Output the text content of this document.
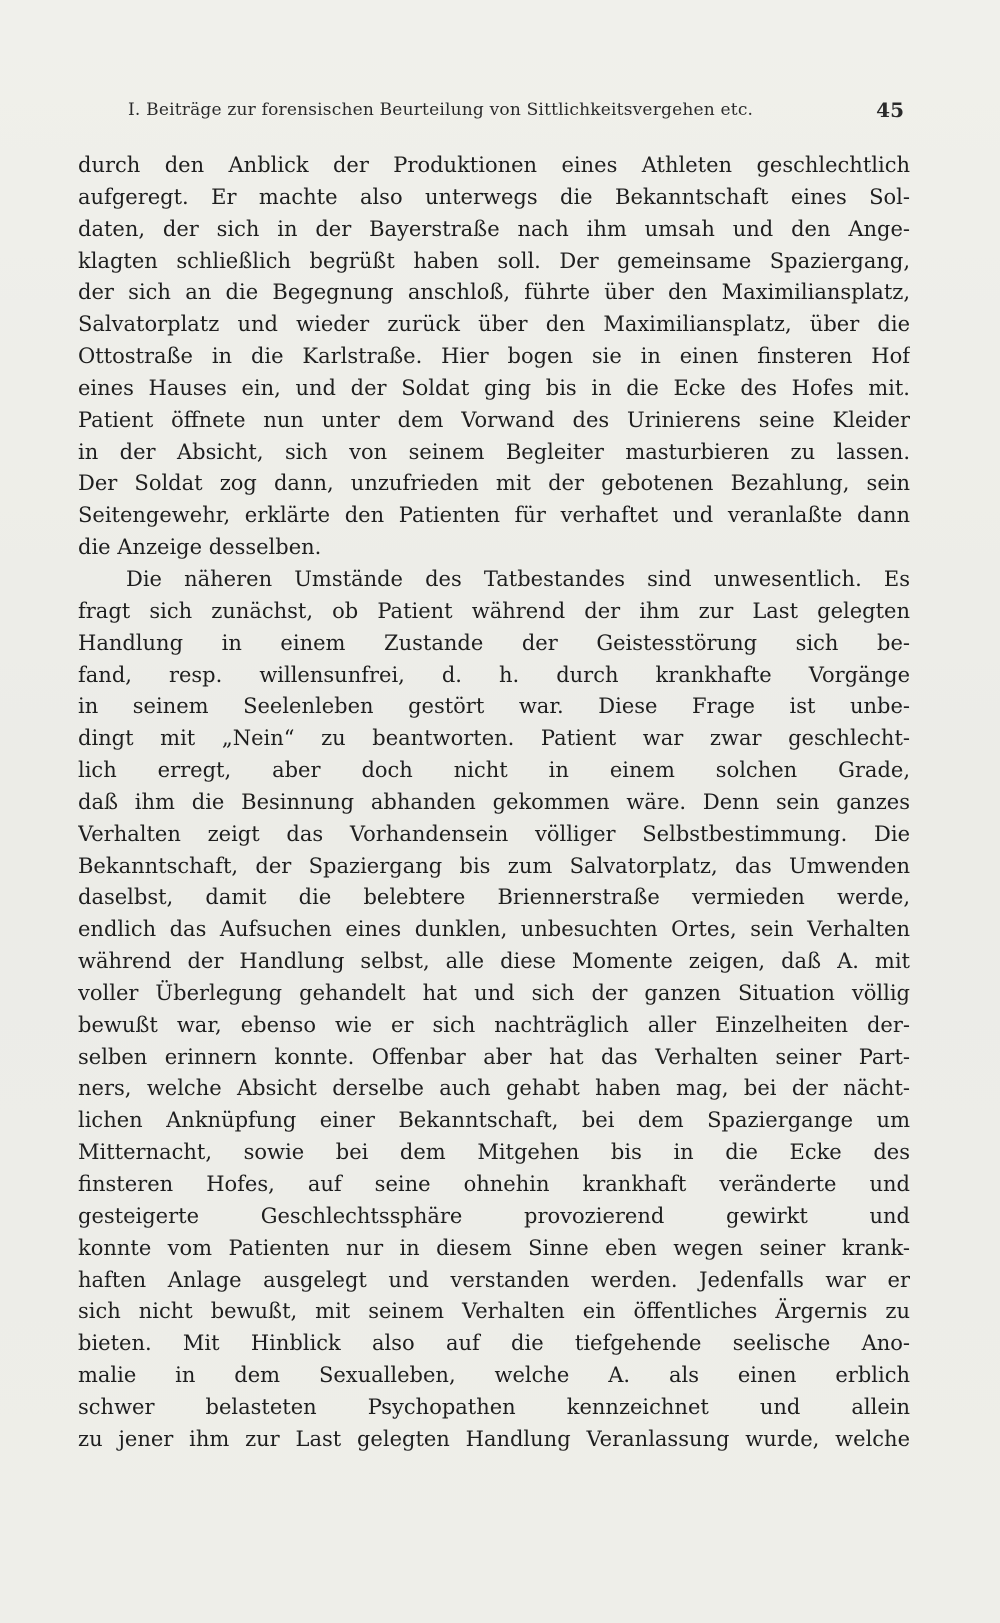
I. Beiträge zur forensischen Beurteilung von Sittlichkeitsvergehen etc.	45
durch den Anblick der Produktionen eines Athleten geschlechtlich
aufgeregt. Er machte also unterwegs die Bekanntschaft eines Sol-
daten, der sich in der Bayerstraße nach ihm umsah und den Ange-
klagten schließlich begrüßt haben soll. Der gemeinsame Spaziergang,
der sich an die Begegnung anschloß, führte über den Maximiliansplatz,
Salvatorplatz und wieder zurück über den Maximiliansplatz, über die
Ottostraße in die Karlstraße. Hier bogen sie in einen finsteren Hof
eines Hauses ein, und der Soldat ging bis in die Ecke des Hofes mit.
Patient öffnete nun unter dem Vorwand des Urinierens seine Kleider
in der Absicht, sich von seinem Begleiter masturbieren zu lassen.
Der Soldat zog dann, unzufrieden mit der gebotenen Bezahlung, sein
Seitengewehr, erklärte den Patienten für verhaftet und veranlaßte dann
die Anzeige desselben.
Die näheren Umstände des Tatbestandes sind unwesentlich. Es
fragt sich zunächst, ob Patient während der ihm zur Last gelegten
Handlung in einem Zustande der Geistesstörung sich be-
fand, resp. willensunfrei, d. h. durch krankhafte Vorgänge
in seinem Seelenleben gestört war. Diese Frage ist unbe-
dingt mit „Nein“ zu beantworten. Patient war zwar geschlecht-
lich erregt, aber doch nicht in einem solchen Grade,
daß ihm die Besinnung abhanden gekommen wäre. Denn sein ganzes
Verhalten zeigt das Vorhandensein völliger Selbstbestimmung. Die
Bekanntschaft, der Spaziergang bis zum Salvatorplatz, das Umwenden
daselbst, damit die belebtere Briennerstraße vermieden werde,
endlich das Aufsuchen eines dunklen, unbesuchten Ortes, sein Verhalten
während der Handlung selbst, alle diese Momente zeigen, daß A. mit
voller Überlegung gehandelt hat und sich der ganzen Situation völlig
bewußt war, ebenso wie er sich nachträglich aller Einzelheiten der-
selben erinnern konnte. Offenbar aber hat das Verhalten seiner Part-
ners, welche Absicht derselbe auch gehabt haben mag, bei der nächt-
lichen Anknüpfung einer Bekanntschaft, bei dem Spaziergange um
Mitternacht, sowie bei dem Mitgehen bis in die Ecke des
finsteren Hofes, auf seine ohnehin krankhaft veränderte und
gesteigerte Geschlechtssphäre provozierend gewirkt und
konnte vom Patienten nur in diesem Sinne eben wegen seiner krank-
haften Anlage ausgelegt und verstanden werden. Jedenfalls war er
sich nicht bewußt, mit seinem Verhalten ein öffentliches Ärgernis zu
bieten. Mit Hinblick also auf die tiefgehende seelische Ano-
malie in dem Sexualleben, welche A. als einen erblich
schwer belasteten Psychopathen kennzeichnet und allein
zu jener ihm zur Last gelegten Handlung Veranlassung wurde, welche
